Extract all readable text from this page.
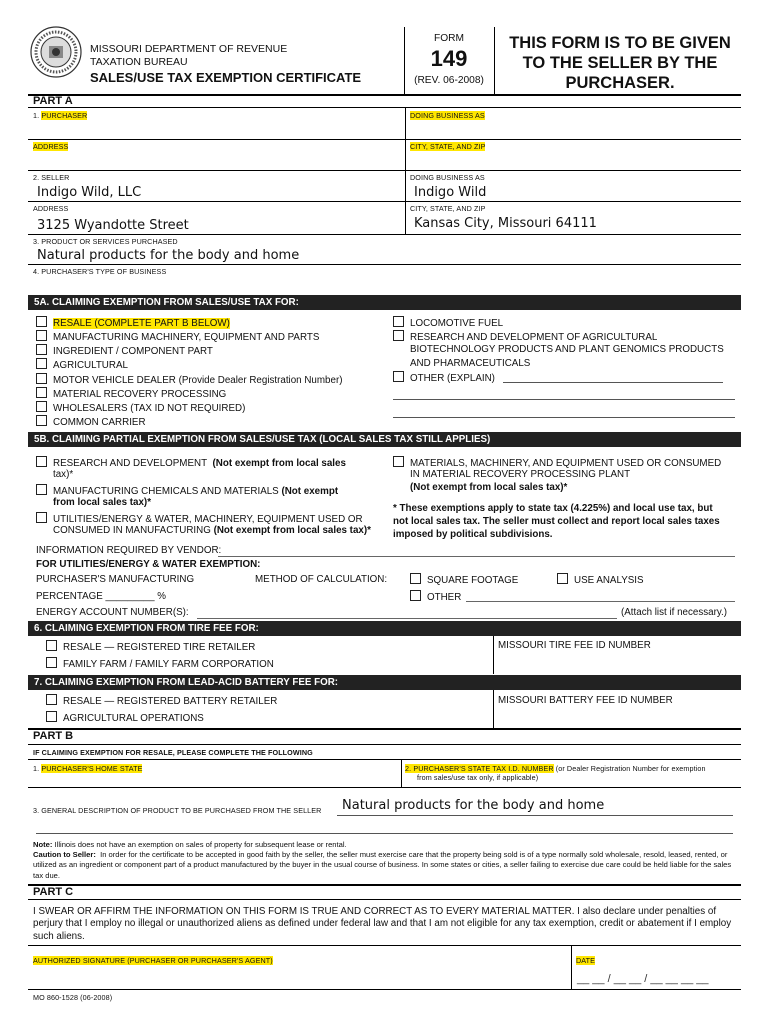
MISSOURI DEPARTMENT OF REVENUE
TAXATION BUREAU
SALES/USE TAX EXEMPTION CERTIFICATE
FORM
149
(REV. 06-2008)
THIS FORM IS TO BE GIVEN TO THE SELLER BY THE PURCHASER.
PART A
1. PURCHASER	DOING BUSINESS AS
ADDRESS	CITY, STATE, AND ZIP
2. SELLER	DOING BUSINESS AS
Indigo Wild, LLC	Indigo Wild
ADDRESS	CITY, STATE, AND ZIP
3125 Wyandotte Street	Kansas City, Missouri 64111
3. PRODUCT OR SERVICES PURCHASED
Natural products for the body and home
4. PURCHASER'S TYPE OF BUSINESS
5A. CLAIMING EXEMPTION FROM SALES/USE TAX FOR:
RESALE (COMPLETE PART B BELOW)
MANUFACTURING MACHINERY, EQUIPMENT AND PARTS
INGREDIENT / COMPONENT PART
AGRICULTURAL
MOTOR VEHICLE DEALER (Provide Dealer Registration Number)
MATERIAL RECOVERY PROCESSING
WHOLESALERS (TAX ID NOT REQUIRED)
COMMON CARRIER
LOCOMOTIVE FUEL
RESEARCH AND DEVELOPMENT OF AGRICULTURAL
BIOTECHNOLOGY PRODUCTS AND PLANT GENOMICS PRODUCTS
AND PHARMACEUTICALS
OTHER (EXPLAIN)
5B. CLAIMING PARTIAL EXEMPTION FROM SALES/USE TAX (LOCAL SALES TAX STILL APPLIES)
RESEARCH AND DEVELOPMENT (Not exempt from local sales
tax)*
MANUFACTURING CHEMICALS AND MATERIALS (Not exempt
from local sales tax)*
UTILITIES/ENERGY & WATER, MACHINERY, EQUIPMENT USED OR
CONSUMED IN MANUFACTURING (Not exempt from local sales tax)*
MATERIALS, MACHINERY, AND EQUIPMENT USED OR CONSUMED
IN MATERIAL RECOVERY PROCESSING PLANT
(Not exempt from local sales tax)*
* These exemptions apply to state tax (4.225%) and local use tax, but
not local sales tax. The seller must collect and report local sales taxes
imposed by political subdivisions.
INFORMATION REQUIRED BY VENDOR:
FOR UTILITIES/ENERGY & WATER EXEMPTION:
PURCHASER'S MANUFACTURING	METHOD OF CALCULATION:	SQUARE FOOTAGE	USE ANALYSIS
PERCENTAGE _________ %	OTHER
ENERGY ACCOUNT NUMBER(S):	(Attach list if necessary.)
6. CLAIMING EXEMPTION FROM TIRE FEE FOR:
RESALE — REGISTERED TIRE RETAILER
FAMILY FARM / FAMILY FARM CORPORATION
MISSOURI TIRE FEE ID NUMBER
7. CLAIMING EXEMPTION FROM LEAD-ACID BATTERY FEE FOR:
RESALE — REGISTERED BATTERY RETAILER
AGRICULTURAL OPERATIONS
MISSOURI BATTERY FEE ID NUMBER
PART B
IF CLAIMING EXEMPTION FOR RESALE, PLEASE COMPLETE THE FOLLOWING
1. PURCHASER'S HOME STATE	2. PURCHASER'S STATE TAX I.D. NUMBER (or Dealer Registration Number for exemption
from sales/use tax only, if applicable)
3. GENERAL DESCRIPTION OF PRODUCT TO BE PURCHASED FROM THE SELLER Natural products for the body and home
Note: Illinois does not have an exemption on sales of property for subsequent lease or rental.
Caution to Seller: In order for the certificate to be accepted in good faith by the seller, the seller must exercise care that the property being sold is of a type normally sold wholesale, resold, leased, rented, or utilized as an ingredient or component part of a product manufactured by the buyer in the usual course of business. In some states or cities, a seller failing to exercise due care could be held liable for the sales tax due.
PART C
I SWEAR OR AFFIRM THE INFORMATION ON THIS FORM IS TRUE AND CORRECT AS TO EVERY MATERIAL MATTER. I also declare under penalties of perjury that I employ no illegal or unauthorized aliens as defined under federal law and that I am not eligible for any tax exemption, credit or abatement if I employ such aliens.
AUTHORIZED SIGNATURE (PURCHASER OR PURCHASER'S AGENT)	DATE
__ __ / __ __ / __ __ __ __
MO 860-1528 (06-2008)
